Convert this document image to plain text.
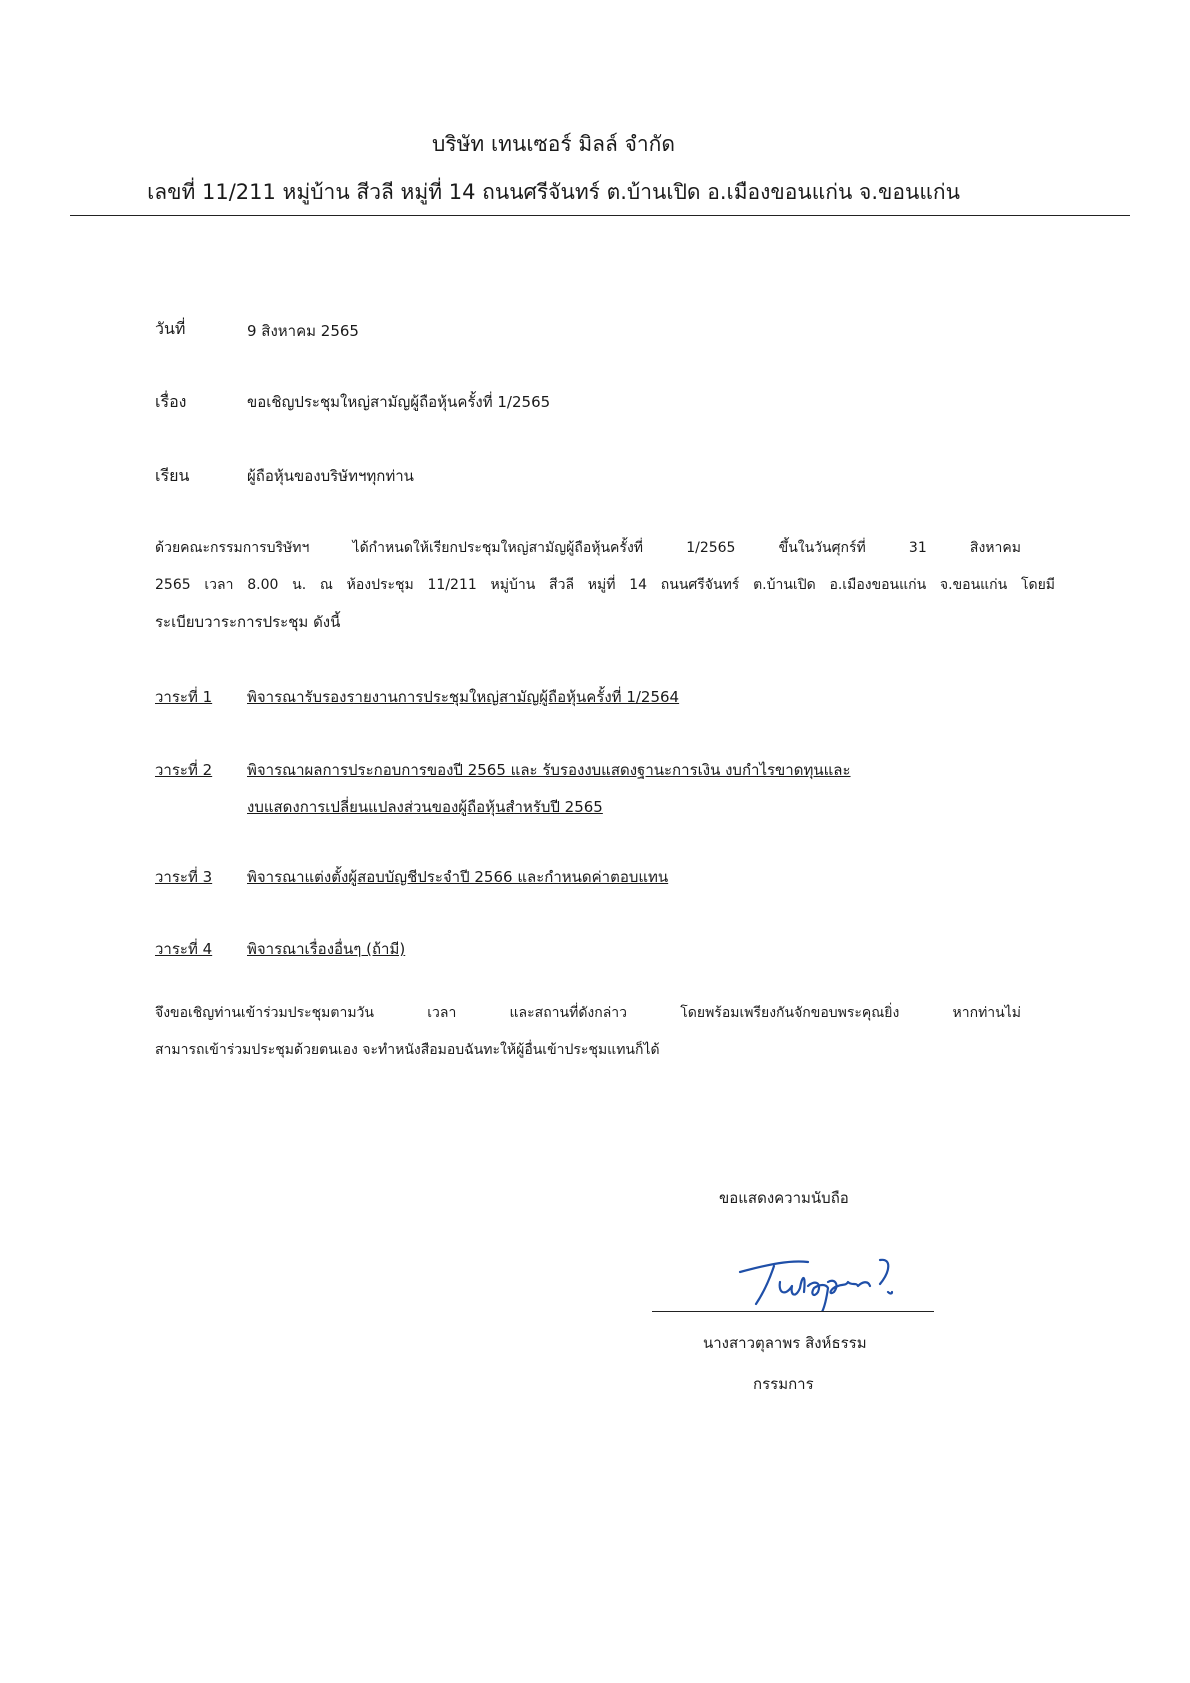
บริษัท เทนเซอร์ มิลล์ จำกัด
เลขที่ 11/211 หมู่บ้าน สีวลี หมู่ที่ 14 ถนนศรีจันทร์ ต.บ้านเปิด อ.เมืองขอนแก่น จ.ขอนแก่น
วันที่	9 สิงหาคม 2565
เรื่อง	ขอเชิญประชุมใหญ่สามัญผู้ถือหุ้นครั้งที่ 1/2565
เรียน	ผู้ถือหุ้นของบริษัทฯทุกท่าน
ด้วยคณะกรรมการบริษัทฯ ได้กำหนดให้เรียกประชุมใหญ่สามัญผู้ถือหุ้นครั้งที่ 1/2565 ขึ้นในวันศุกร์ที่ 31 สิงหาคม
2565 เวลา 8.00 น. ณ ห้องประชุม 11/211 หมู่บ้าน สีวลี หมู่ที่ 14 ถนนศรีจันทร์ ต.บ้านเปิด อ.เมืองขอนแก่น จ.ขอนแก่น โดยมี
ระเบียบวาระการประชุม ดังนี้
วาระที่ 1 พิจารณารับรองรายงานการประชุมใหญ่สามัญผู้ถือหุ้นครั้งที่ 1/2564
วาระที่ 2 พิจารณาผลการประกอบการของปี 2565 และ รับรองงบแสดงฐานะการเงิน งบกำไรขาดทุนและ
งบแสดงการเปลี่ยนแปลงส่วนของผู้ถือหุ้นสำหรับปี 2565
วาระที่ 3 พิจารณาแต่งตั้งผู้สอบบัญชีประจำปี 2566 และกำหนดค่าตอบแทน
วาระที่ 4 พิจารณาเรื่องอื่นๆ (ถ้ามี)
จึงขอเชิญท่านเข้าร่วมประชุมตามวัน เวลา และสถานที่ดังกล่าว โดยพร้อมเพรียงกันจักขอบพระคุณยิ่ง หากท่านไม่
สามารถเข้าร่วมประชุมด้วยตนเอง จะทำหนังสือมอบฉันทะให้ผู้อื่นเข้าประชุมแทนก็ได้
ขอแสดงความนับถือ
นางสาวตุลาพร สิงห์ธรรม
กรรมการ
